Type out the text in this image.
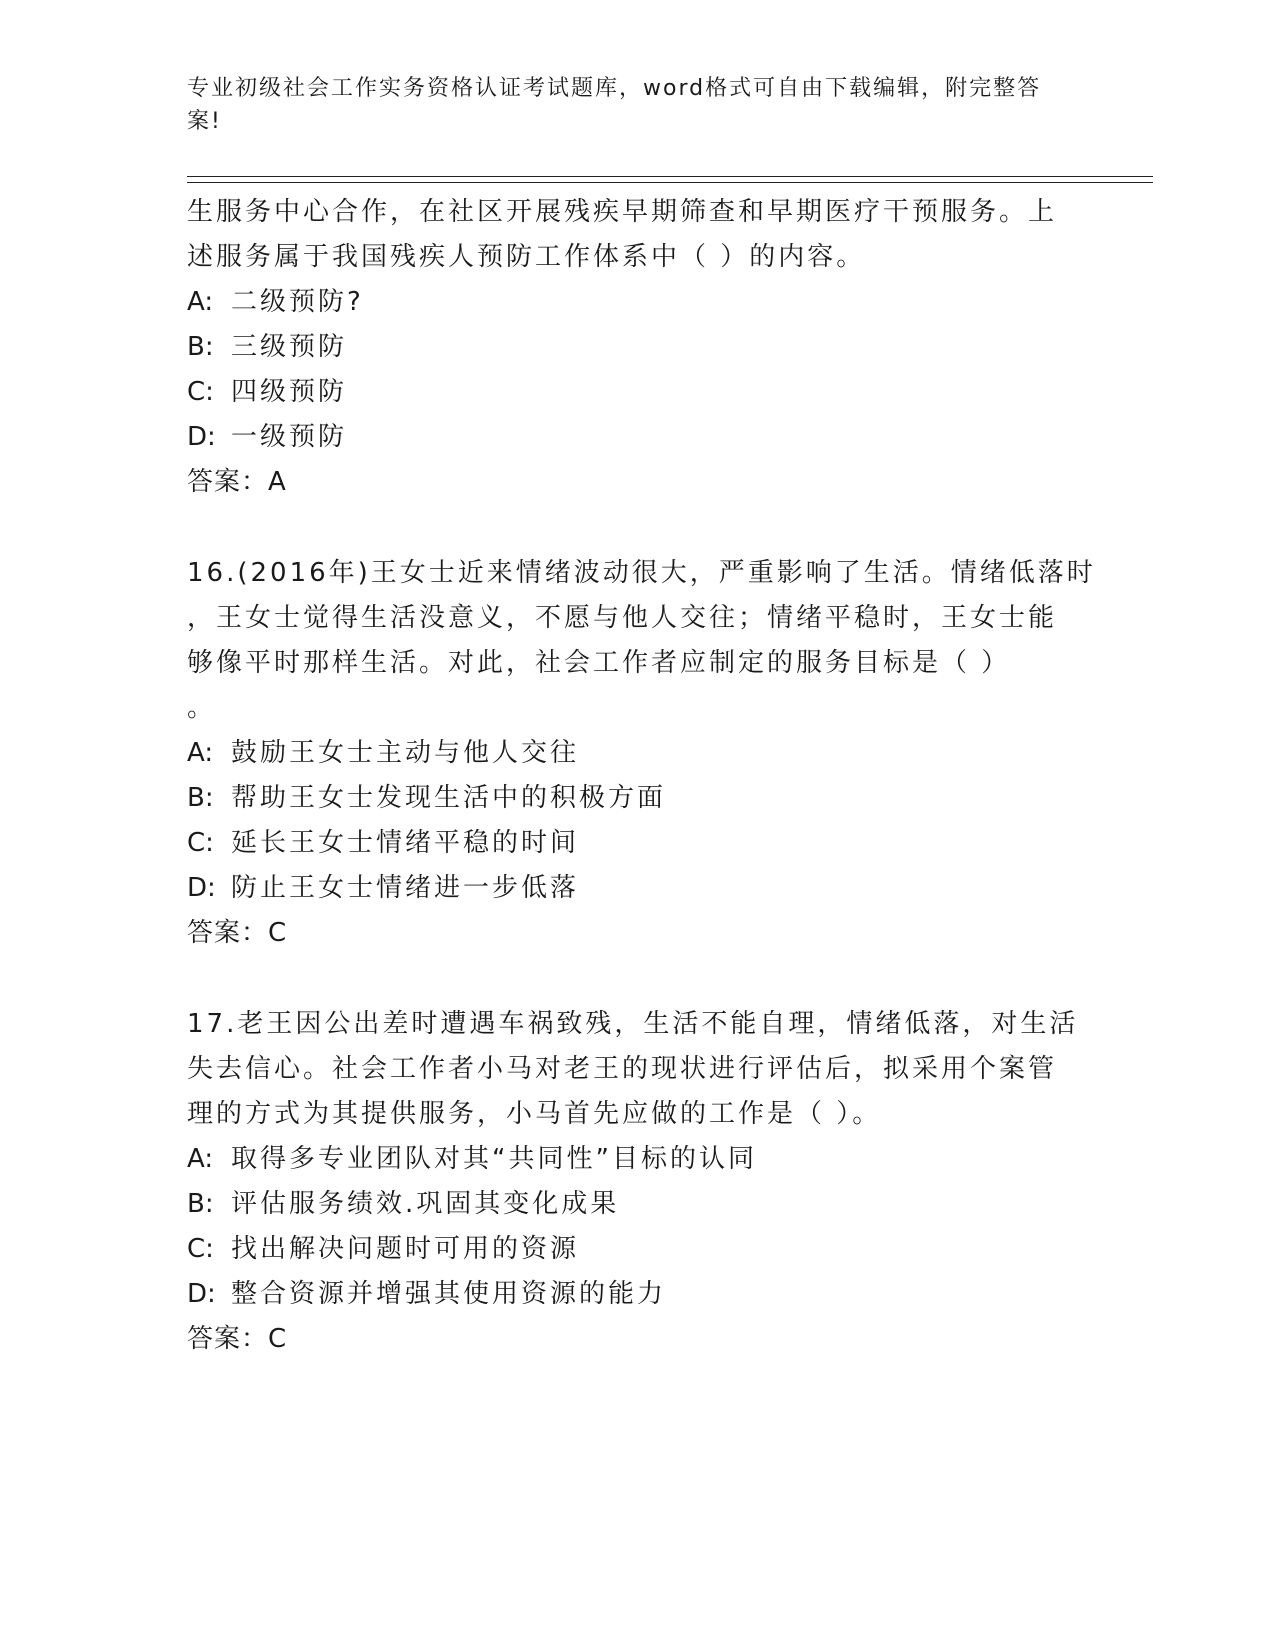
专业初级社会工作实务资格认证考试题库，word格式可自由下载编辑，附完整答
案!
生服务中心合作，在社区开展残疾早期筛查和早期医疗干预服务。上
述服务属于我国残疾人预防工作体系中（ ）的内容。
A: 二级预防?
B: 三级预防
C: 四级预防
D: 一级预防
答案：A
16.(2016年)王女士近来情绪波动很大，严重影响了生活。情绪低落时
，王女士觉得生活没意义，不愿与他人交往；情绪平稳时，王女士能
够像平时那样生活。对此，社会工作者应制定的服务目标是（ ）
。
A: 鼓励王女士主动与他人交往
B: 帮助王女士发现生活中的积极方面
C: 延长王女士情绪平稳的时间
D: 防止王女士情绪进一步低落
答案：C
17.老王因公出差时遭遇车祸致残，生活不能自理，情绪低落，对生活
失去信心。社会工作者小马对老王的现状进行评估后，拟采用个案管
理的方式为其提供服务，小马首先应做的工作是（ ）。
A: 取得多专业团队对其“共同性”目标的认同
B: 评估服务绩效.巩固其变化成果
C: 找出解决问题时可用的资源
D: 整合资源并增强其使用资源的能力
答案：C
